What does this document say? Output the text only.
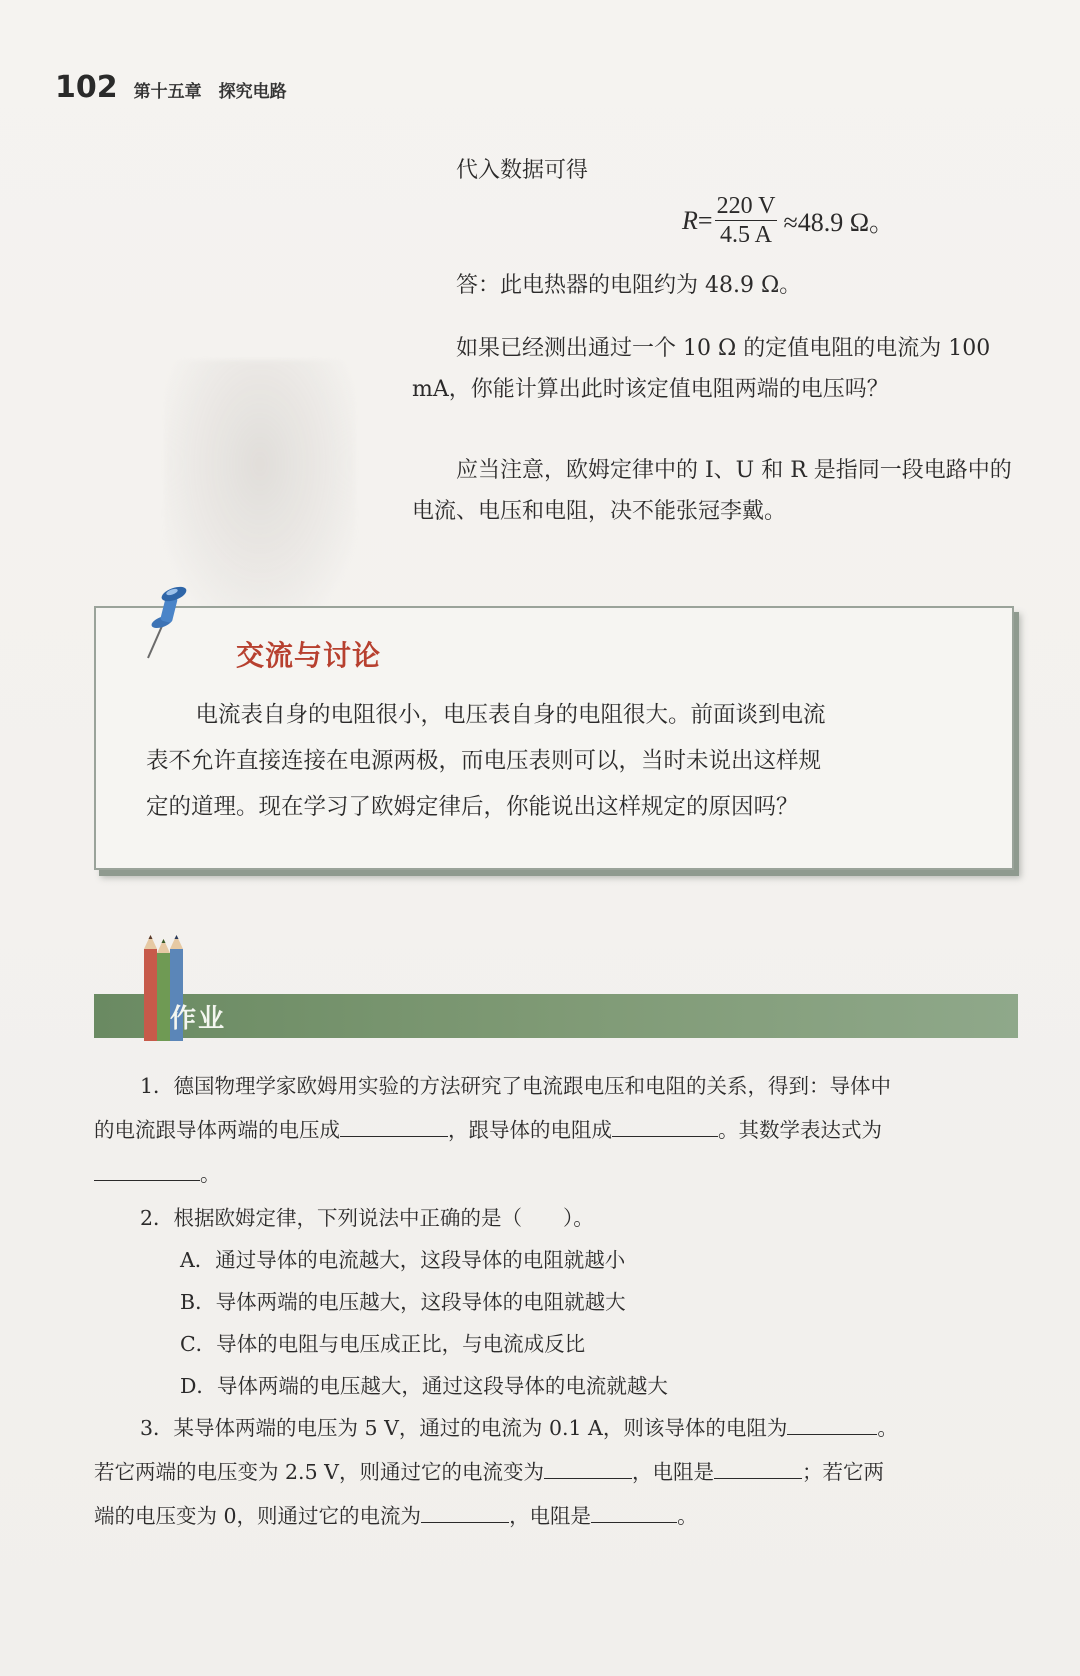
102 第十五章　探究电路

代入数据可得

$R = \frac{220 V}{4.5 A} \approx 48.9$ Ω。

答：此电热器的电阻约为 48.9 Ω。

如果已经测出通过一个 10 Ω 的定值电阻的电流为 100 mA，你能计算出此时该定值电阻两端的电压吗？

应当注意，欧姆定律中的 I、U 和 R 是指同一段电路中的电流、电压和电阻，决不能张冠李戴。

交流与讨论
电流表自身的电阻很小，电压表自身的电阻很大。前面谈到电流
表不允许直接连接在电源两极，而电压表则可以，当时未说出这样规
定的道理。现在学习了欧姆定律后，你能说出这样规定的原因吗？
作业
1．德国物理学家欧姆用实验的方法研究了电流跟电压和电阻的关系，得到：导体中
的电流跟导体两端的电压成	，跟导体的电阻成	。其数学表达式为
。
2．根据欧姆定律，下列说法中正确的是（　　）。
A．通过导体的电流越大，这段导体的电阻就越小
B．导体两端的电压越大，这段导体的电阻就越大
C．导体的电阻与电压成正比，与电流成反比
D．导体两端的电压越大，通过这段导体的电流就越大
3．某导体两端的电压为 5 V，通过的电流为 0.1 A，则该导体的电阻为	。
若它两端的电压变为 2.5 V，则通过它的电流变为	，电阻是	；若它两
端的电压变为 0，则通过它的电流为	，电阻是	。
